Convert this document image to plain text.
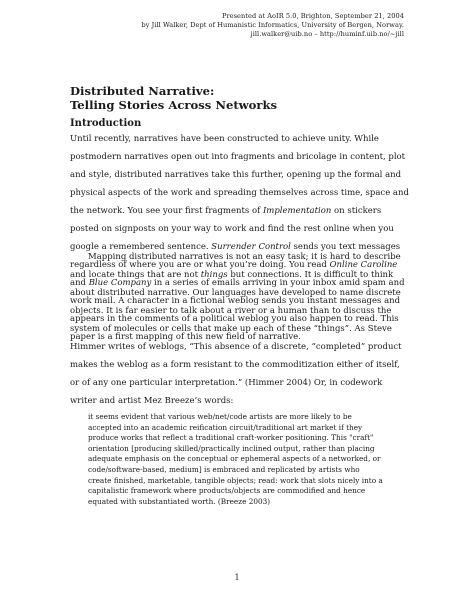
Presented at AoIR 5.0, Brighton, September 21, 2004
by Jill Walker, Dept of Humanistic Informatics, University of Bergen, Norway.
jill.walker@uib.no – http://huminf.uib.no/~jill
Distributed Narrative:
Telling Stories Across Networks
Introduction

Until recently, narratives have been constructed to achieve unity. While
postmodern narratives open out into fragments and bricolage in content, plot
and style, distributed narratives take this further, opening up the formal and
physical aspects of the work and spreading themselves across time, space and
the network. You see your first fragments of Implementation on stickers
posted on signposts on your way to work and find the rest online when you
google a remembered sentence. Surrender Control sends you text messages
regardless of where you are or what you’re doing. You read Online Caroline
and Blue Company in a series of emails arriving in your inbox amid spam and
work mail. A character in a fictional weblog sends you instant messages and
appears in the comments of a political weblog you also happen to read. This
paper is a first mapping of this new field of narrative.

Mapping distributed narratives is not an easy task; it is hard to describe
and locate things that are not things but connections. It is difficult to think
about distributed narrative. Our languages have developed to name discrete
objects. It is far easier to talk about a river or a human than to discuss the
system of molecules or cells that make up each of these “things”. As Steve
Himmer writes of weblogs, “This absence of a discrete, “completed” product
makes the weblog as a form resistant to the commoditization either of itself,
or of any one particular interpretation.” (Himmer 2004) Or, in codework
writer and artist Mez Breeze’s words:

it seems evident that various web/net/code artists are more likely to be
accepted into an academic reification circuit/traditional art market if they
produce works that reflect a traditional craft-worker positioning. This "craft"
orientation [producing skilled/practically inclined output, rather than placing
adequate emphasis on the conceptual or ephemeral aspects of a networked, or
code/software-based, medium] is embraced and replicated by artists who
create finished, marketable, tangible objects; read: work that slots nicely into a
capitalistic framework where products/objects are commodified and hence
equated with substantiated worth. (Breeze 2003)
1
